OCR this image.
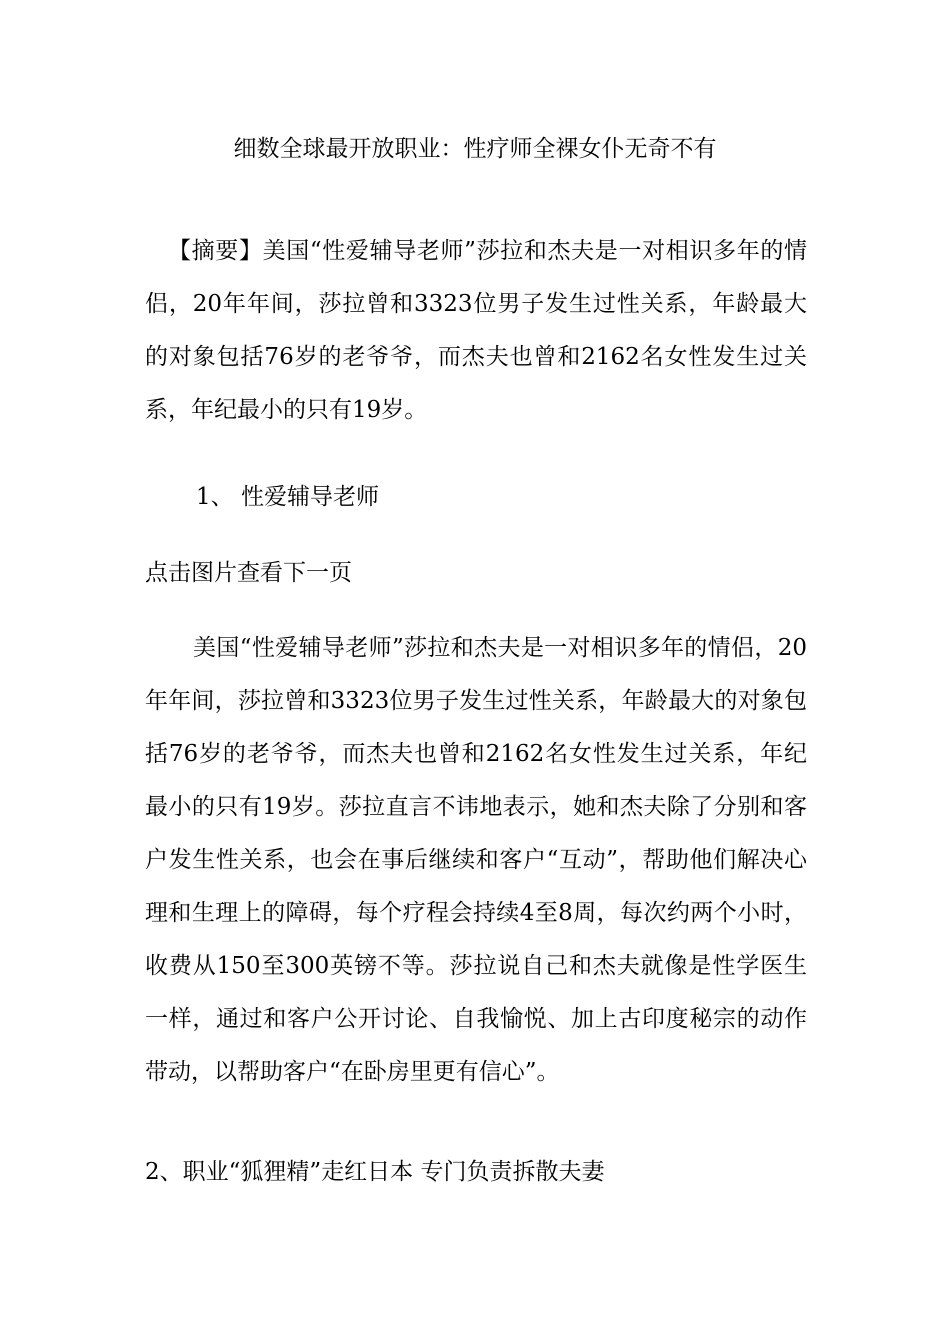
细数全球最开放职业：性疗师全裸女仆无奇不有
【摘要】美国“性爱辅导老师”莎拉和杰夫是一对相识多年的情侣，20年年间，莎拉曾和3323位男子发生过性关系，年龄最大的对象包括76岁的老爷爷，而杰夫也曾和2162名女性发生过关系，年纪最小的只有19岁。
1、 性爱辅导老师
点击图片查看下一页
美国“性爱辅导老师”莎拉和杰夫是一对相识多年的情侣，20年年间，莎拉曾和3323位男子发生过性关系，年龄最大的对象包括76岁的老爷爷，而杰夫也曾和2162名女性发生过关系，年纪最小的只有19岁。莎拉直言不讳地表示，她和杰夫除了分别和客户发生性关系，也会在事后继续和客户“互动”，帮助他们解决心理和生理上的障碍，每个疗程会持续4至8周，每次约两个小时，收费从150至300英镑不等。莎拉说自己和杰夫就像是性学医生一样，通过和客户公开讨论、自我愉悦、加上古印度秘宗的动作带动，以帮助客户“在卧房里更有信心”。
2、职业“狐狸精”走红日本 专门负责拆散夫妻
